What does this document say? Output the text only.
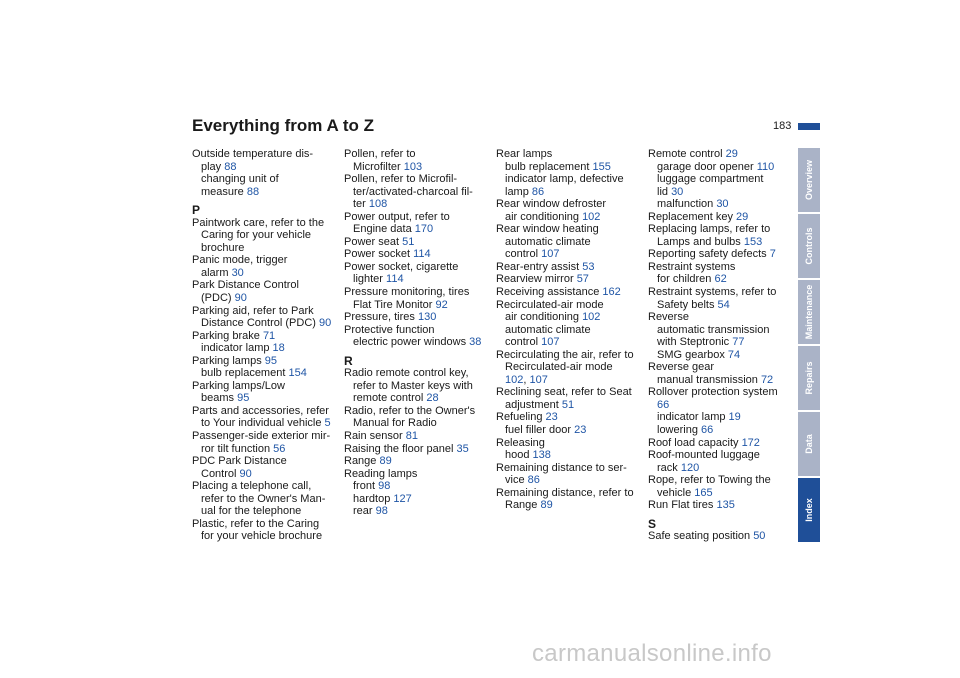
Everything from A to Z	183
Outside temperature dis-
play 88
changing unit of
measure 88
P
Paintwork care, refer to the
Caring for your vehicle
brochure
Panic mode, trigger
alarm 30
Park Distance Control
(PDC) 90
Parking aid, refer to Park
Distance Control (PDC) 90
Parking brake 71
indicator lamp 18
Parking lamps 95
bulb replacement 154
Parking lamps/Low
beams 95
Parts and accessories, refer
to Your individual vehicle 5
Passenger-side exterior mir-
ror tilt function 56
PDC Park Distance
Control 90
Placing a telephone call,
refer to the Owner's Man-
ual for the telephone
Plastic, refer to the Caring
for your vehicle brochure
Pollen, refer to
Microfilter 103
Pollen, refer to Microfil-
ter/activated-charcoal fil-
ter 108
Power output, refer to
Engine data 170
Power seat 51
Power socket 114
Power socket, cigarette
lighter 114
Pressure monitoring, tires
Flat Tire Monitor 92
Pressure, tires 130
Protective function
electric power windows 38
R
Radio remote control key,
refer to Master keys with
remote control 28
Radio, refer to the Owner's
Manual for Radio
Rain sensor 81
Raising the floor panel 35
Range 89
Reading lamps
front 98
hardtop 127
rear 98
Rear lamps
bulb replacement 155
indicator lamp, defective
lamp 86
Rear window defroster
air conditioning 102
Rear window heating
automatic climate
control 107
Rear-entry assist 53
Rearview mirror 57
Receiving assistance 162
Recirculated-air mode
air conditioning 102
automatic climate
control 107
Recirculating the air, refer to
Recirculated-air mode
102, 107
Reclining seat, refer to Seat
adjustment 51
Refueling 23
fuel filler door 23
Releasing
hood 138
Remaining distance to ser-
vice 86
Remaining distance, refer to
Range 89
Remote control 29
garage door opener 110
luggage compartment
lid 30
malfunction 30
Replacement key 29
Replacing lamps, refer to
Lamps and bulbs 153
Reporting safety defects 7
Restraint systems
for children 62
Restraint systems, refer to
Safety belts 54
Reverse
automatic transmission
with Steptronic 77
SMG gearbox 74
Reverse gear
manual transmission 72
Rollover protection system
66
indicator lamp 19
lowering 66
Roof load capacity 172
Roof-mounted luggage
rack 120
Rope, refer to Towing the
vehicle 165
Run Flat tires 135
S
Safe seating position 50
Overview
Controls
Maintenance
Repairs
Data
Index
carmanualsonline.info
